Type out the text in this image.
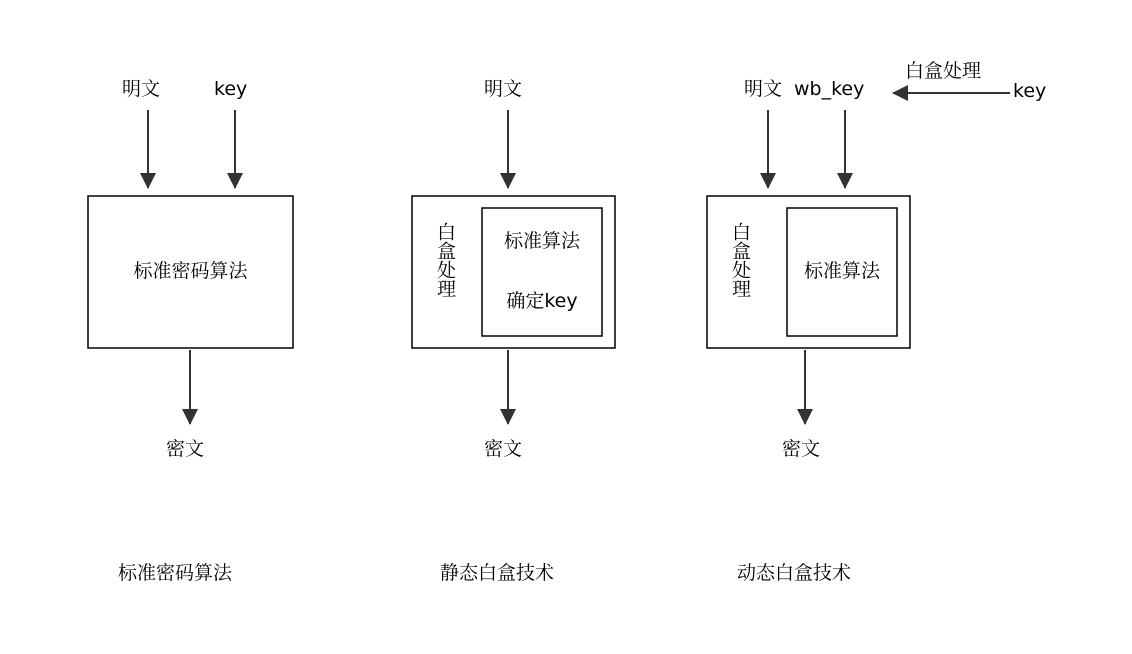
明文	key
标准密码算法
密文
标准密码算法
明文
白盒处理	标准算法
确定key
密文
静态白盒技术
明文 wb_key
白盒处理
key
白盒处理	标准算法
密文
动态白盒技术
